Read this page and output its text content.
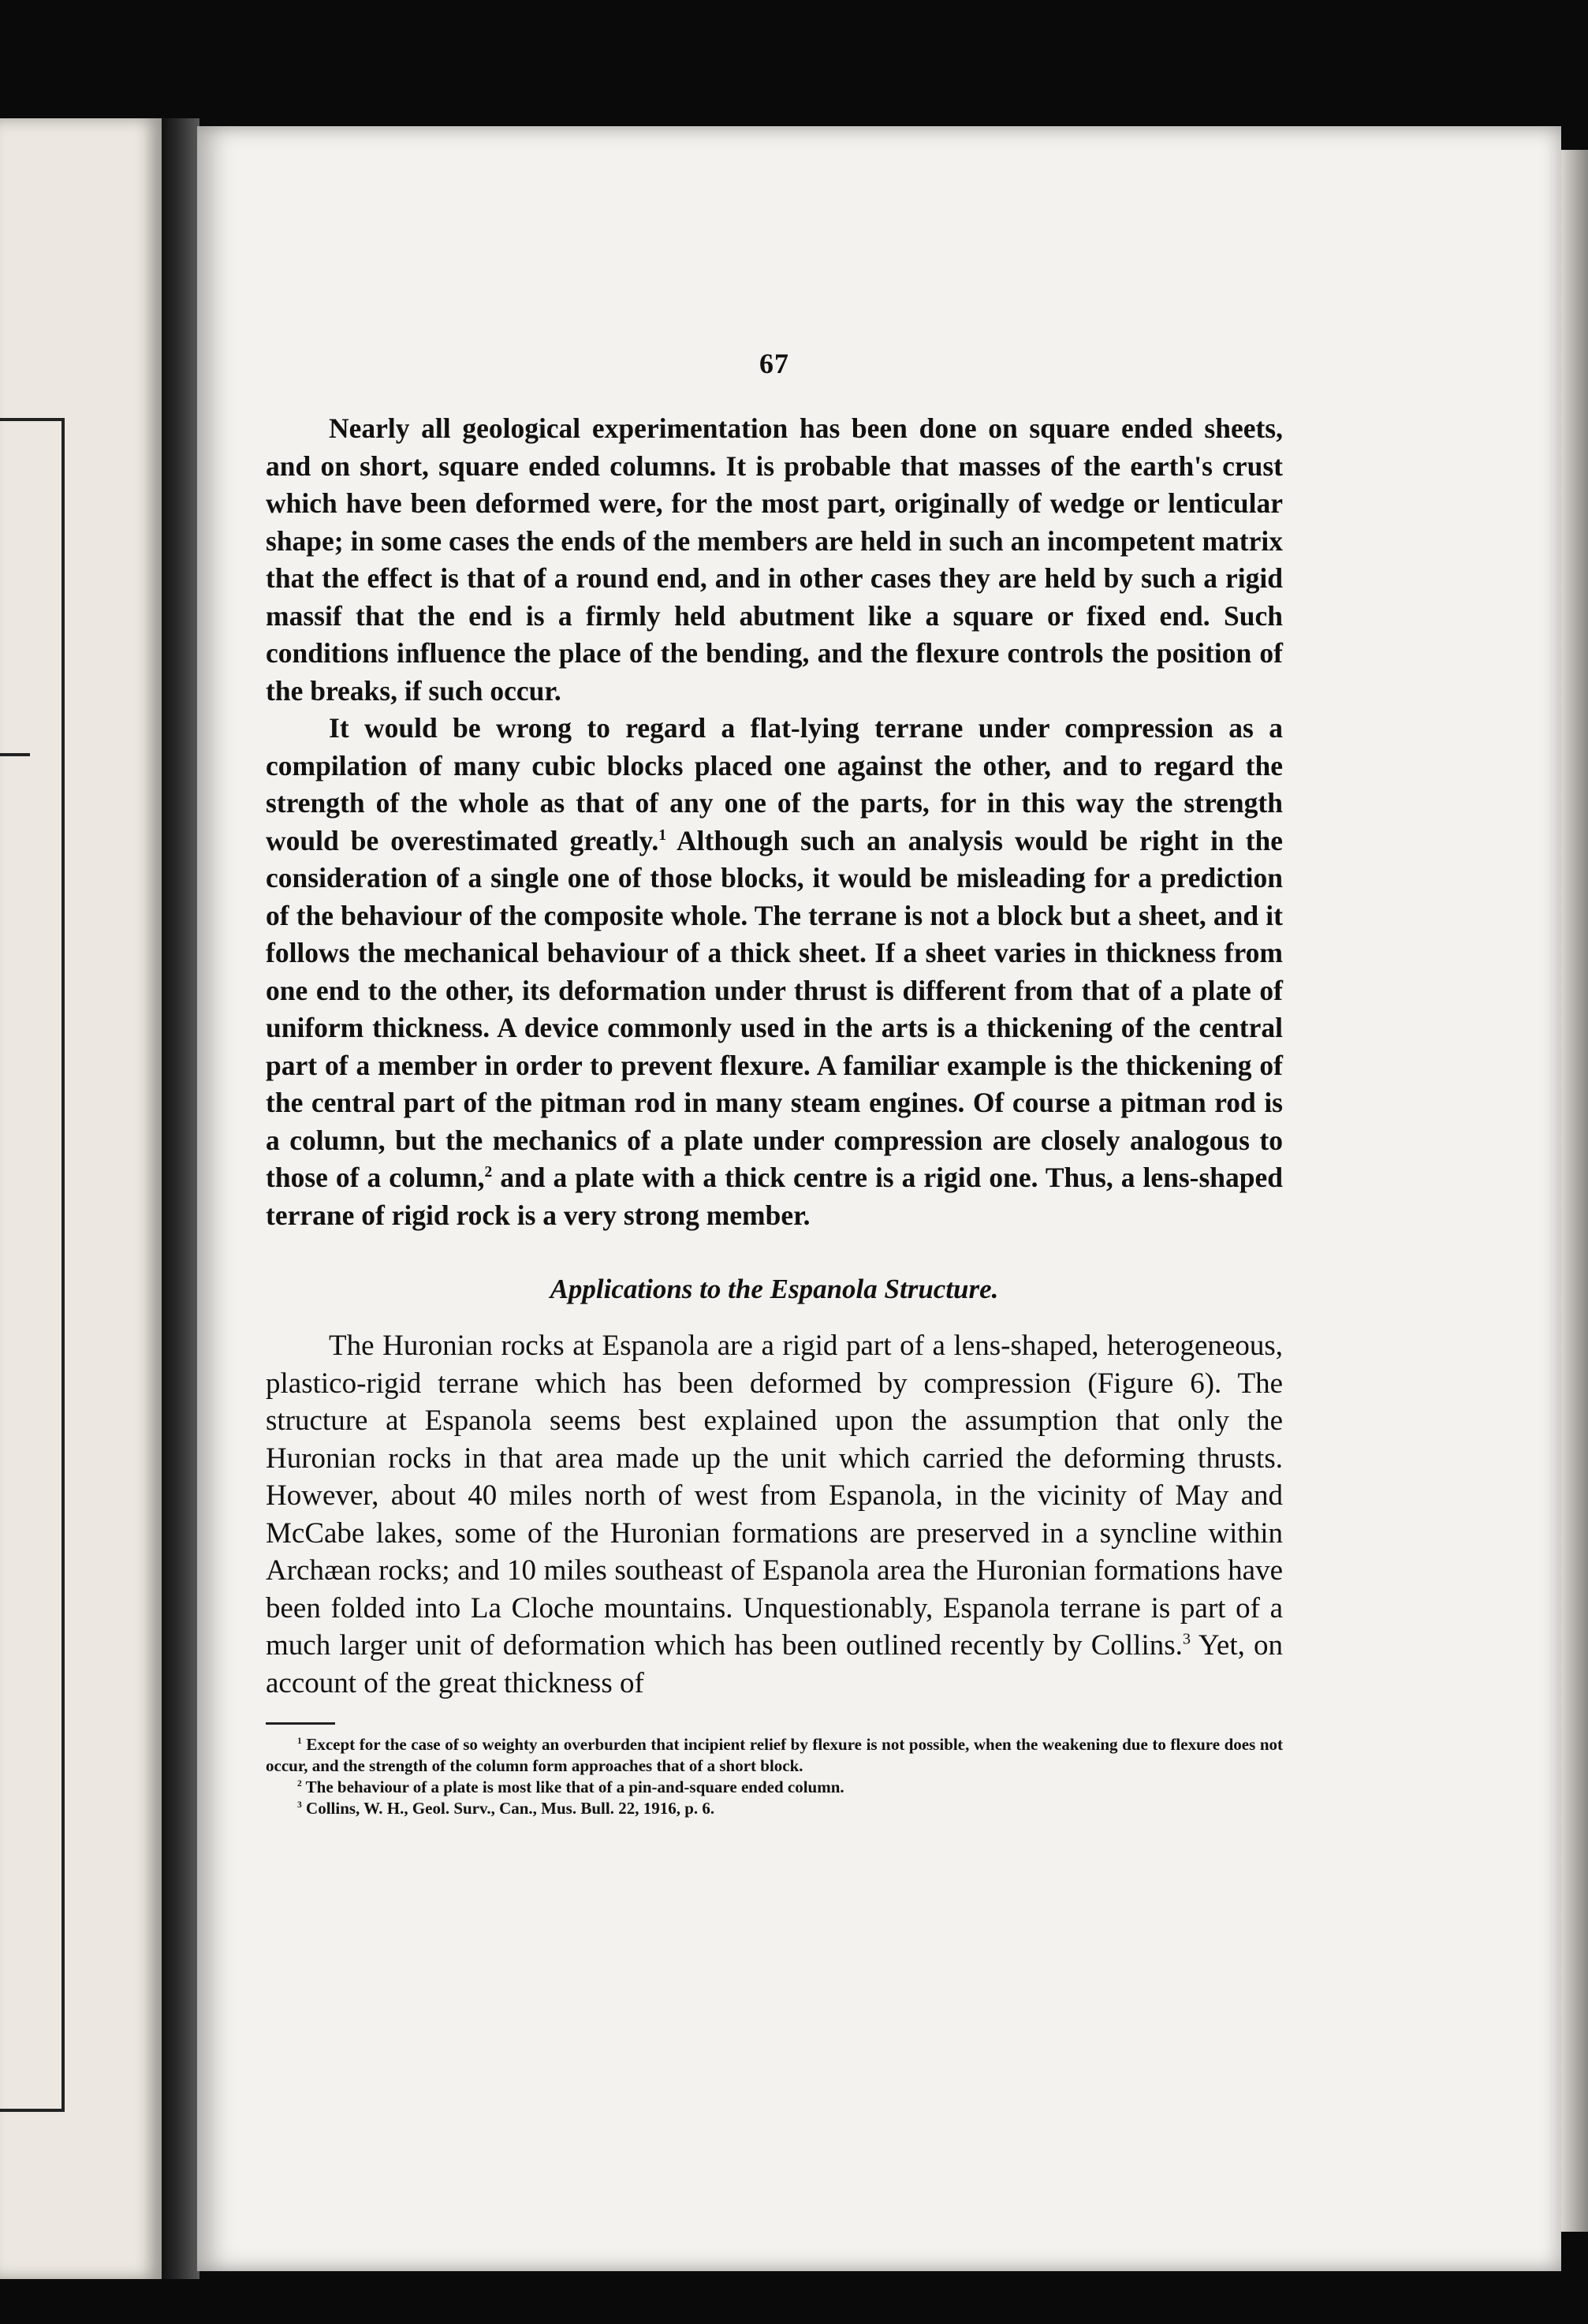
67

Nearly all geological experimentation has been done on square ended sheets, and on short, square ended columns. It is probable that masses of the earth's crust which have been deformed were, for the most part, originally of wedge or lenticular shape; in some cases the ends of the members are held in such an incompetent matrix that the effect is that of a round end, and in other cases they are held by such a rigid massif that the end is a firmly held abutment like a square or fixed end. Such conditions influence the place of the bending, and the flexure controls the position of the breaks, if such occur.

It would be wrong to regard a flat-lying terrane under compression as a compilation of many cubic blocks placed one against the other, and to regard the strength of the whole as that of any one of the parts, for in this way the strength would be overestimated greatly.$^1$ Although such an analysis would be right in the consideration of a single one of those blocks, it would be misleading for a prediction of the behaviour of the composite whole. The terrane is not a block but a sheet, and it follows the mechanical behaviour of a thick sheet. If a sheet varies in thickness from one end to the other, its deformation under thrust is different from that of a plate of uniform thickness. A device commonly used in the arts is a thickening of the central part of a member in order to prevent flexure. A familiar example is the thickening of the central part of the pitman rod in many steam engines. Of course a pitman rod is a column, but the mechanics of a plate under compression are closely analogous to those of a column,$^2$ and a plate with a thick centre is a rigid one. Thus, a lens-shaped terrane of rigid rock is a very strong member.

Applications to the Espanola Structure.

The Huronian rocks at Espanola are a rigid part of a lens-shaped, heterogeneous, plastico-rigid terrane which has been deformed by compression (Figure 6). The structure at Espanola seems best explained upon the assumption that only the Huronian rocks in that area made up the unit which carried the deforming thrusts. However, about 40 miles north of west from Espanola, in the vicinity of May and McCabe lakes, some of the Huronian formations are preserved in a syncline within Archæan rocks; and 10 miles southeast of Espanola area the Huronian formations have been folded into La Cloche mountains. Unquestionably, Espanola terrane is part of a much larger unit of deformation which has been outlined recently by Collins.$^3$ Yet, on account of the great thickness of

$^1$ Except for the case of so weighty an overburden that incipient relief by flexure is not possible, when the weakening due to flexure does not occur, and the strength of the column form approaches that of a short block.

$^2$ The behaviour of a plate is most like that of a pin-and-square ended column.

$^3$ Collins, W. H., Geol. Surv., Can., Mus. Bull. 22, 1916, p. 6.
